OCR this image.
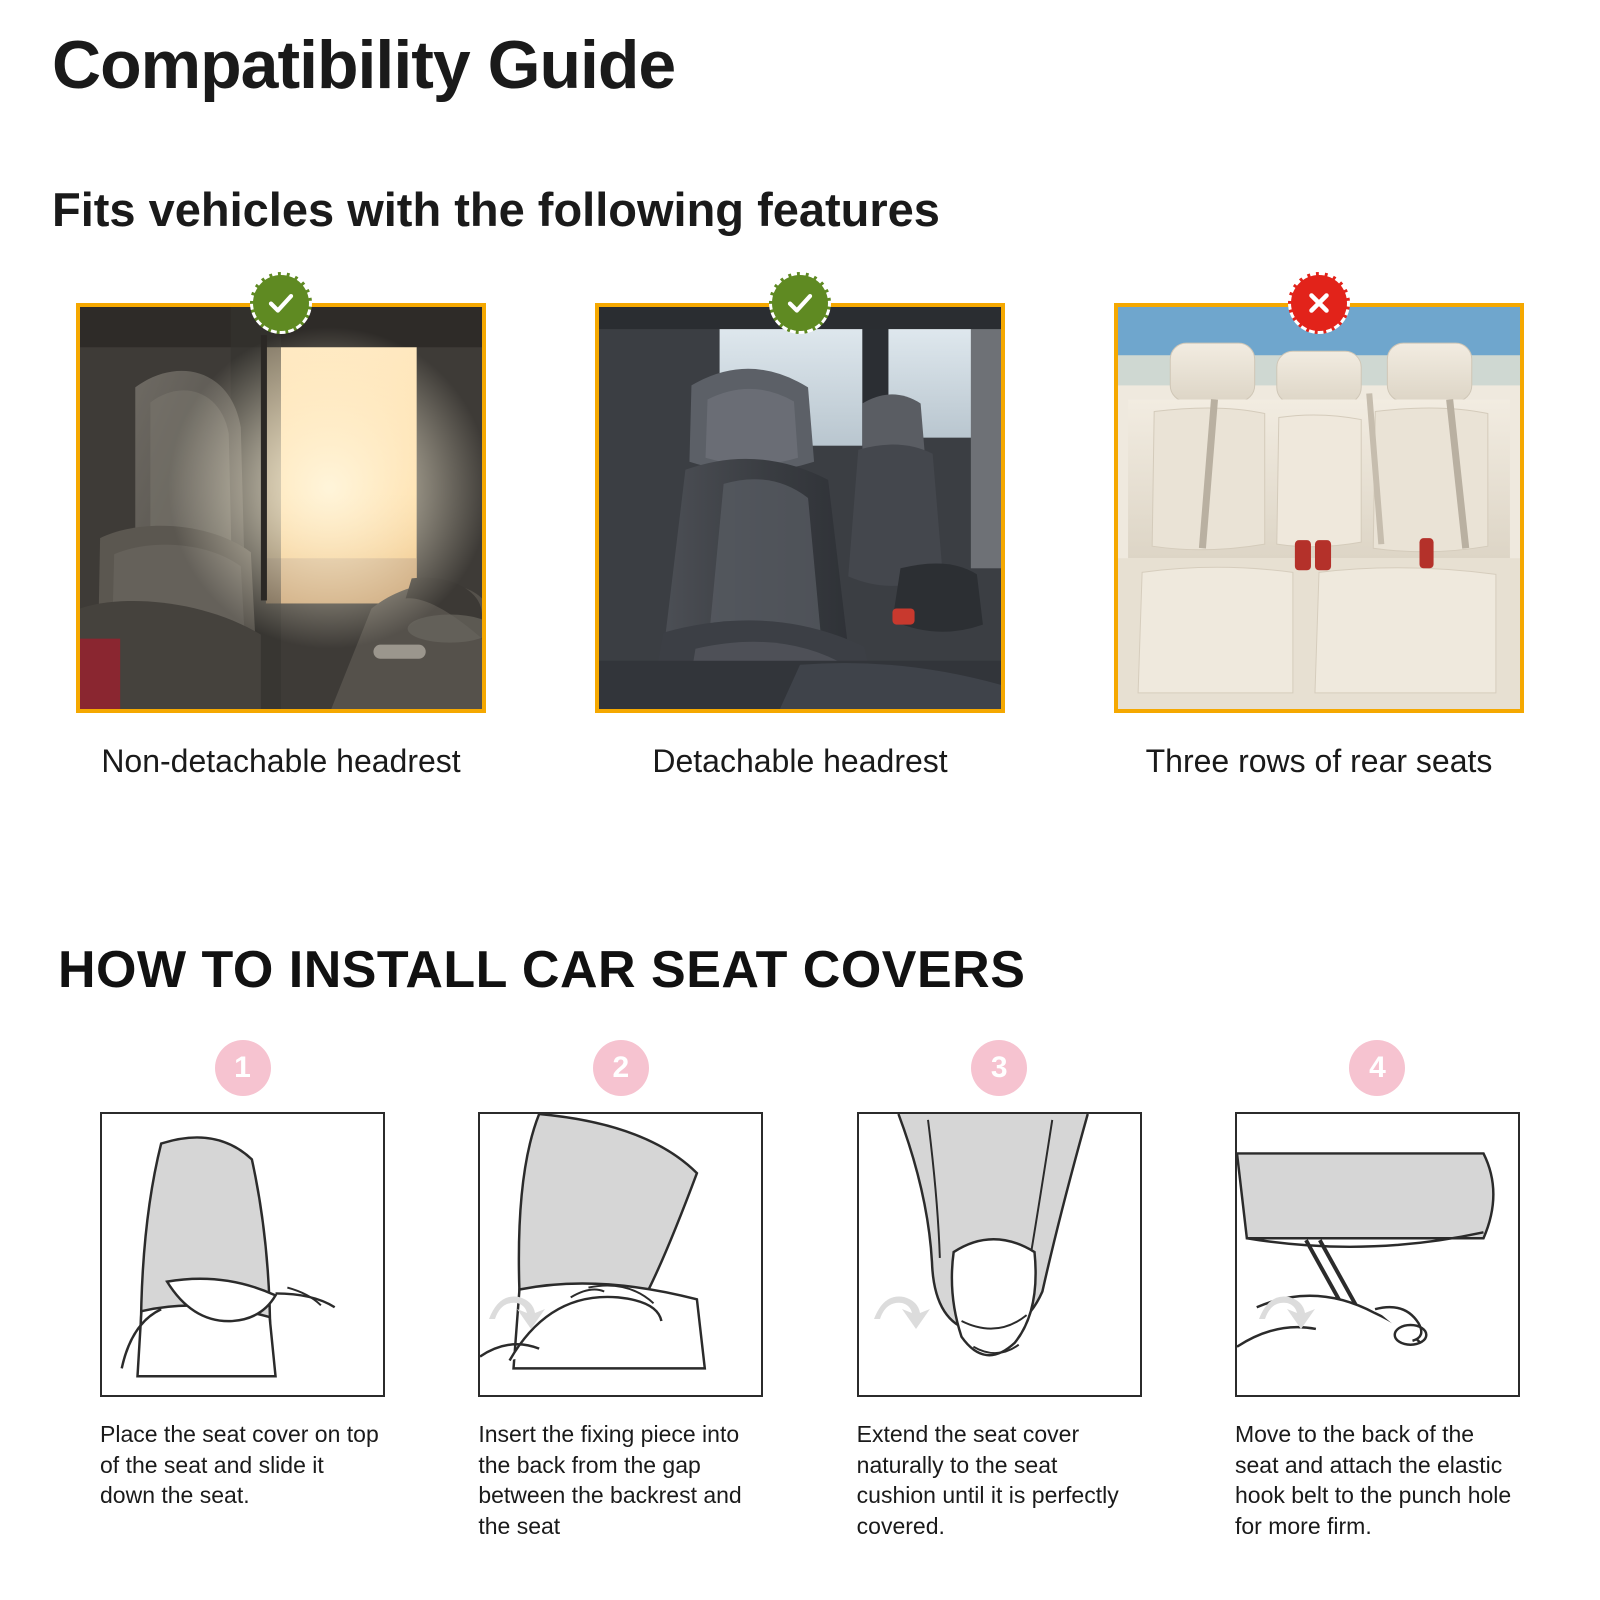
Compatibility Guide
Fits vehicles with the following features
Non-detachable headrest	Detachable headrest	Three rows of rear seats
HOW TO INSTALL CAR SEAT COVERS
1
Place the seat cover on top of the seat and slide it down the seat.
2
Insert the fixing piece into the back from the gap between the backrest and the seat
3
Extend the seat cover naturally to the seat cushion until it is perfectly covered.
4
Move to the back of the seat and attach the elastic hook belt to the punch hole for more firm.
